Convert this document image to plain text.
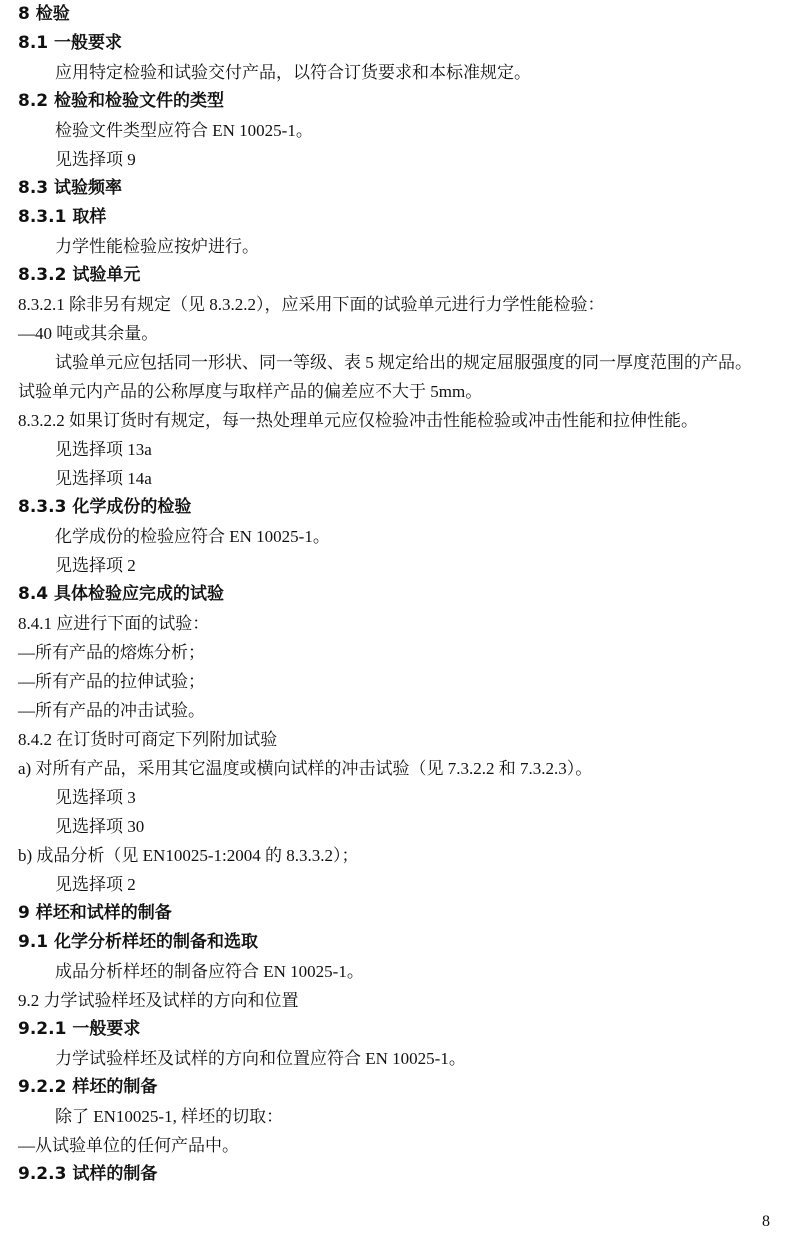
8 检验
8.1 一般要求
应用特定检验和试验交付产品，以符合订货要求和本标准规定。
8.2 检验和检验文件的类型
检验文件类型应符合 EN 10025-1。
见选择项 9
8.3 试验频率
8.3.1 取样
力学性能检验应按炉进行。
8.3.2 试验单元
8.3.2.1 除非另有规定（见 8.3.2.2），应采用下面的试验单元进行力学性能检验：
—40 吨或其余量。
试验单元应包括同一形状、同一等级、表 5 规定给出的规定屈服强度的同一厚度范围的产品。
试验单元内产品的公称厚度与取样产品的偏差应不大于 5mm。
8.3.2.2 如果订货时有规定，每一热处理单元应仅检验冲击性能检验或冲击性能和拉伸性能。
见选择项 13a
见选择项 14a
8.3.3 化学成份的检验
化学成份的检验应符合 EN 10025-1。
见选择项 2
8.4 具体检验应完成的试验
8.4.1 应进行下面的试验：
—所有产品的熔炼分析；
—所有产品的拉伸试验；
—所有产品的冲击试验。
8.4.2 在订货时可商定下列附加试验
a) 对所有产品，采用其它温度或横向试样的冲击试验（见 7.3.2.2 和 7.3.2.3）。
见选择项 3
见选择项 30
b) 成品分析（见 EN10025-1:2004 的 8.3.3.2）；
见选择项 2
9 样坯和试样的制备
9.1 化学分析样坯的制备和选取
成品分析样坯的制备应符合 EN 10025-1。
9.2 力学试验样坯及试样的方向和位置
9.2.1 一般要求
力学试验样坯及试样的方向和位置应符合 EN 10025-1。
9.2.2 样坯的制备
除了 EN10025-1, 样坯的切取：
—从试验单位的任何产品中。
9.2.3 试样的制备
8
